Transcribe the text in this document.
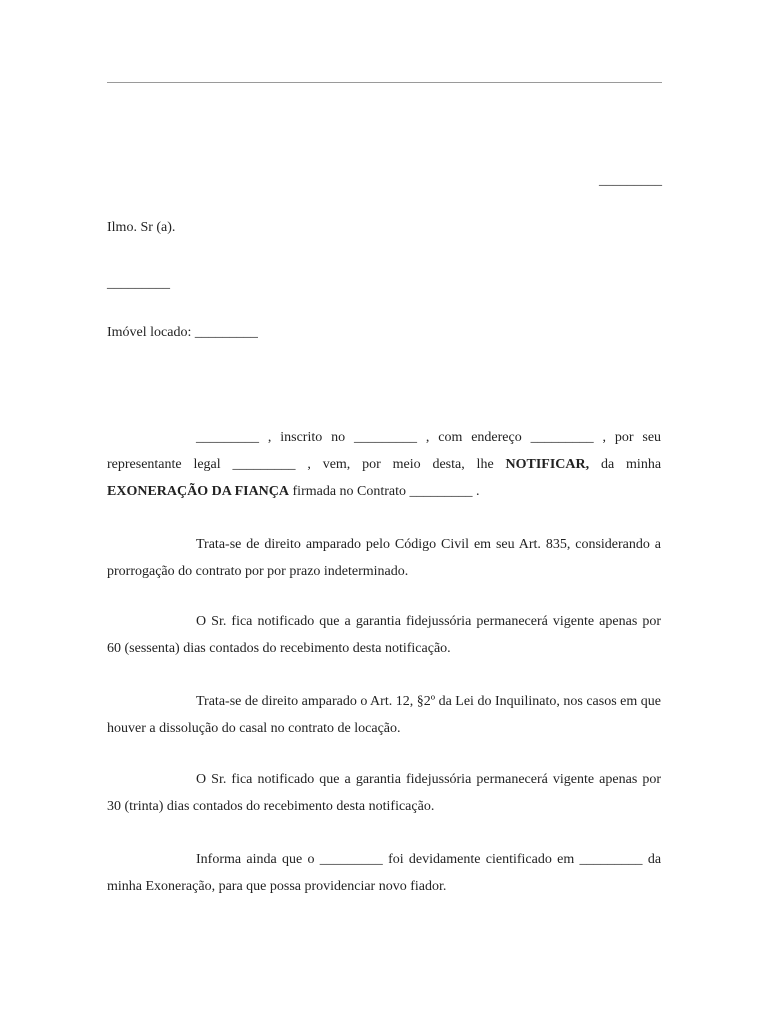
_________
Ilmo. Sr (a).
_________
Imóvel locado: _________

_________ , inscrito no _________ , com endereço _________ , por seu representante legal _________ , vem, por meio desta, lhe NOTIFICAR, da minha EXONERAÇÃO DA FIANÇA firmada no Contrato _________ .

Trata-se de direito amparado pelo Código Civil em seu Art. 835, considerando a prorrogação do contrato por por prazo indeterminado.

O Sr. fica notificado que a garantia fidejussória permanecerá vigente apenas por 60 (sessenta) dias contados do recebimento desta notificação.

Trata-se de direito amparado o Art. 12, §2º da Lei do Inquilinato, nos casos em que houver a dissolução do casal no contrato de locação.

O Sr. fica notificado que a garantia fidejussória permanecerá vigente apenas por 30 (trinta) dias contados do recebimento desta notificação.

Informa ainda que o _________ foi devidamente cientificado em _________ da minha Exoneração, para que possa providenciar novo fiador.
